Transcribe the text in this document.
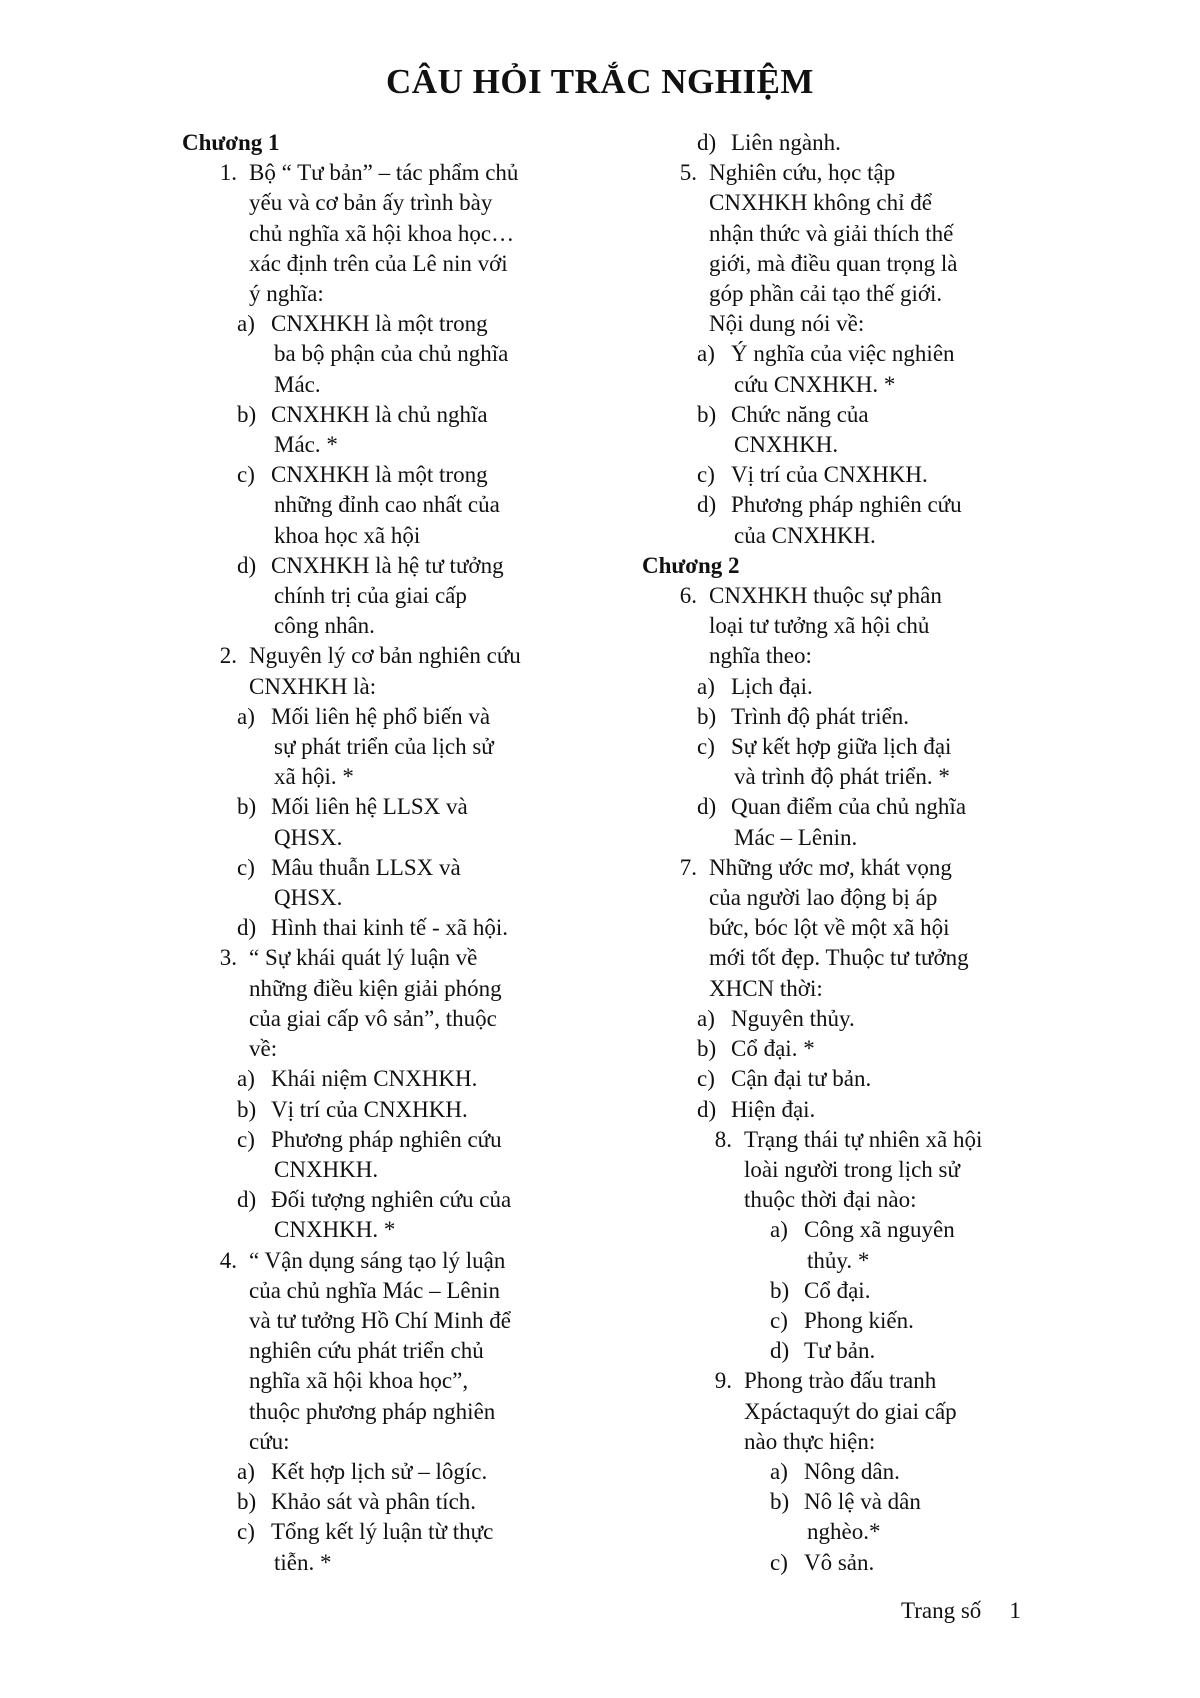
CÂU HỎI TRẮC NGHIỆM
Chương 1
1. Bộ “ Tư bản” – tác phẩm chủ
yếu và cơ bản ấy trình bày
chủ nghĩa xã hội khoa học…
xác định trên của Lê nin với
ý nghĩa:
a) CNXHKH là một trong
ba bộ phận của chủ nghĩa
Mác.
b) CNXHKH là chủ nghĩa
Mác. *
c) CNXHKH là một trong
những đỉnh cao nhất của
khoa học xã hội
d) CNXHKH là hệ tư tưởng
chính trị của giai cấp
công nhân.
2. Nguyên lý cơ bản nghiên cứu
CNXHKH là:
a) Mối liên hệ phổ biến và
sự phát triển của lịch sử
xã hội. *
b) Mối liên hệ LLSX và
QHSX.
c) Mâu thuẫn LLSX và
QHSX.
d) Hình thai kinh tế - xã hội.
3. “ Sự khái quát lý luận về
những điều kiện giải phóng
của giai cấp vô sản”, thuộc
về:
a) Khái niệm CNXHKH.
b) Vị trí của CNXHKH.
c) Phương pháp nghiên cứu
CNXHKH.
d) Đối tượng nghiên cứu của
CNXHKH. *
4. “ Vận dụng sáng tạo lý luận
của chủ nghĩa Mác – Lênin
và tư tưởng Hồ Chí Minh để
nghiên cứu phát triển chủ
nghĩa xã hội khoa học”,
thuộc phương pháp nghiên
cứu:
a) Kết hợp lịch sử – lôgíc.
b) Khảo sát và phân tích.
c) Tổng kết lý luận từ thực
tiễn. *
d) Liên ngành.
5. Nghiên cứu, học tập
CNXHKH không chỉ để
nhận thức và giải thích thế
giới, mà điều quan trọng là
góp phần cải tạo thế giới.
Nội dung nói về:
a) Ý nghĩa của việc nghiên
cứu CNXHKH. *
b) Chức năng của
CNXHKH.
c) Vị trí của CNXHKH.
d) Phương pháp nghiên cứu
của CNXHKH.
Chương 2
6. CNXHKH thuộc sự phân
loại tư tưởng xã hội chủ
nghĩa theo:
a) Lịch đại.
b) Trình độ phát triển.
c) Sự kết hợp giữa lịch đại
và trình độ phát triển. *
d) Quan điểm của chủ nghĩa
Mác – Lênin.
7. Những ước mơ, khát vọng
của người lao động bị áp
bức, bóc lột về một xã hội
mới tốt đẹp. Thuộc tư tưởng
XHCN thời:
a) Nguyên thủy.
b) Cổ đại. *
c) Cận đại tư bản.
d) Hiện đại.
8. Trạng thái tự nhiên xã hội
loài người trong lịch sử
thuộc thời đại nào:
a) Công xã nguyên
thủy. *
b) Cổ đại.
c) Phong kiến.
d) Tư bản.
9. Phong trào đấu tranh
Xpáctaquýt do giai cấp
nào thực hiện:
a) Nông dân.
b) Nô lệ và dân
nghèo.*
c) Vô sản.
Trang số 1
